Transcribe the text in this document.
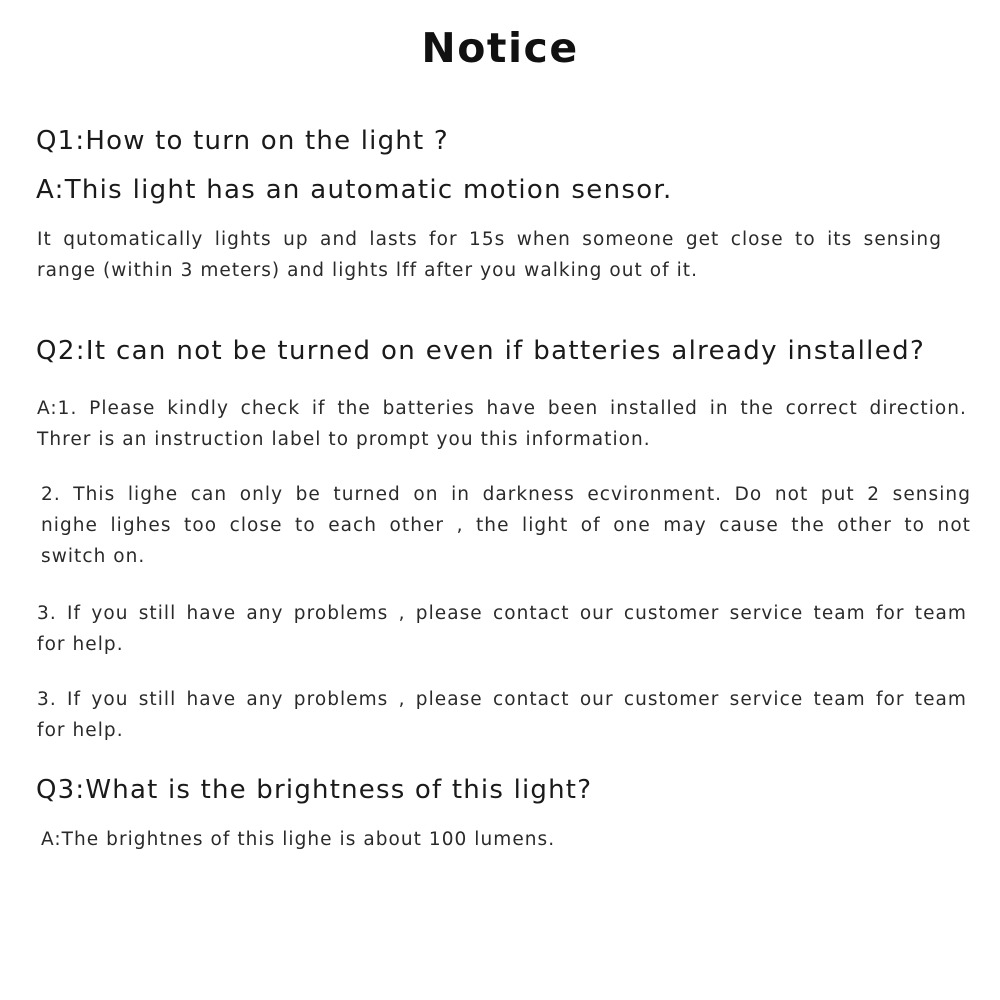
Notice
Q1:How to turn on the light ?
A:This light has an automatic motion sensor.
It qutomatically lights up and lasts for 15s when someone get close to its sensing
range (within 3 meters) and lights lff after you walking out of it.
Q2:It can not be turned on even if batteries already installed?
A:1. Please kindly check if the batteries have been installed in the correct direction.
Threr is an instruction label to prompt you this information.
2. This lighe can only be turned on in darkness ecvironment. Do not put 2 sensing
nighe lighes too close to each other , the light of one may cause the other to not
switch on.
3. If you still have any problems , please contact our customer service team for team
for help.
3. If you still have any problems , please contact our customer service team for team
for help.
Q3:What is the brightness of this light?
A:The brightnes of this lighe is about 100 lumens.
